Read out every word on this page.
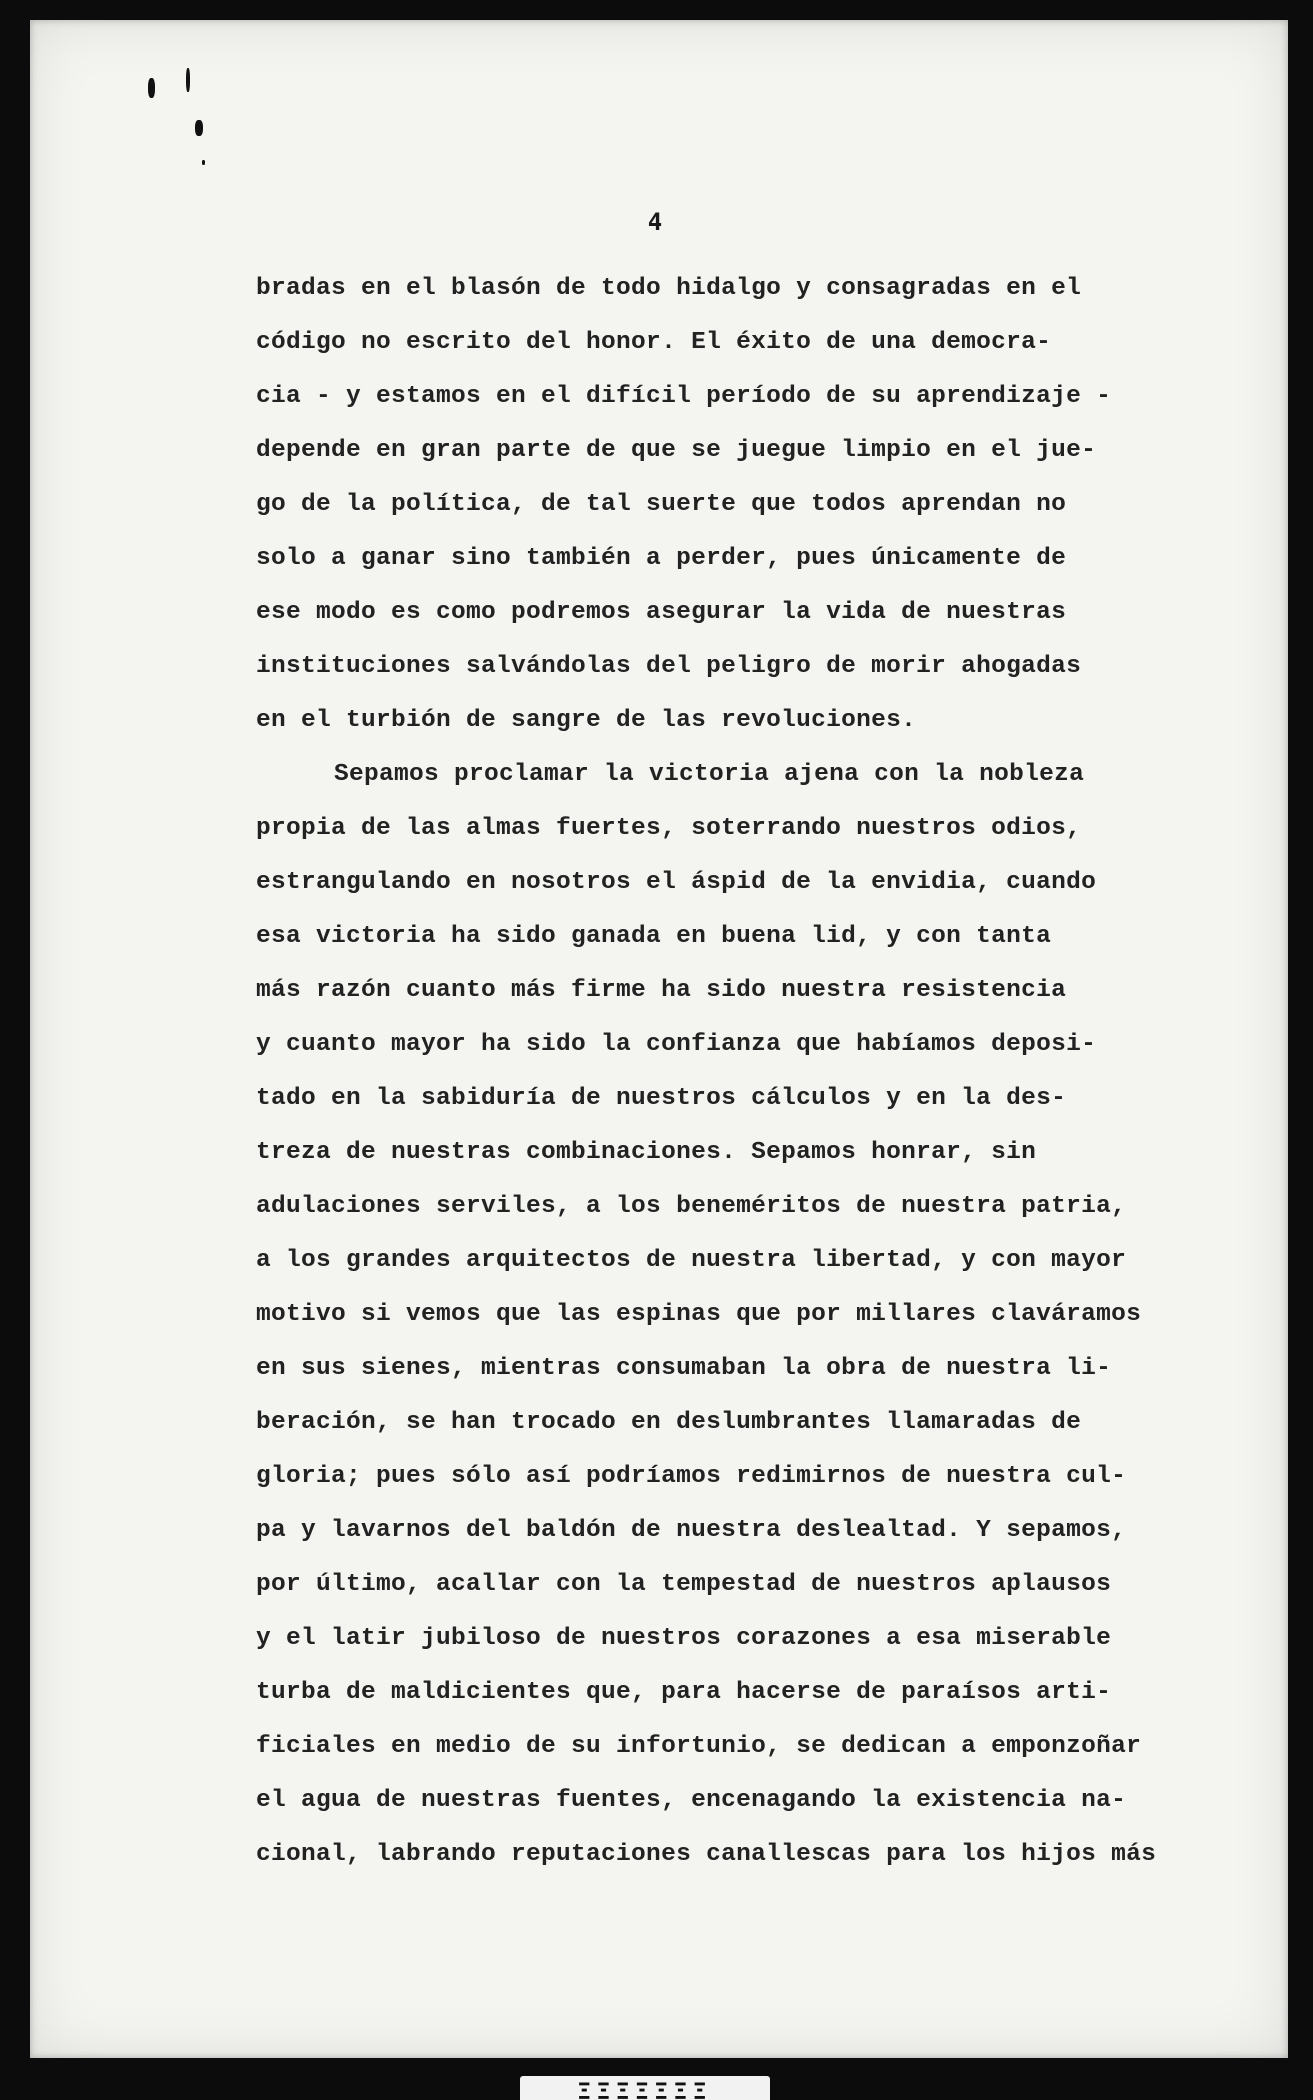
4
bradas en el blasón de todo hidalgo y consagradas en el
código no escrito del honor. El éxito de una democra-
cia - y estamos en el difícil período de su aprendizaje -
depende en gran parte de que se juegue limpio en el jue-
go de la política, de tal suerte que todos aprendan no
solo a ganar sino también a perder, pues únicamente de
ese modo es como podremos asegurar la vida de nuestras
instituciones salvándolas del peligro de morir ahogadas
en el turbión de sangre de las revoluciones.
Sepamos proclamar la victoria ajena con la nobleza
propia de las almas fuertes, soterrando nuestros odios,
estrangulando en nosotros el áspid de la envidia, cuando
esa victoria ha sido ganada en buena lid, y con tanta
más razón cuanto más firme ha sido nuestra resistencia
y cuanto mayor ha sido la confianza que habíamos deposi-
tado en la sabiduría de nuestros cálculos y en la des-
treza de nuestras combinaciones. Sepamos honrar, sin
adulaciones serviles, a los beneméritos de nuestra patria,
a los grandes arquitectos de nuestra libertad, y con mayor
motivo si vemos que las espinas que por millares claváramos
en sus sienes, mientras consumaban la obra de nuestra li-
beración, se han trocado en deslumbrantes llamaradas de
gloria; pues sólo así podríamos redimirnos de nuestra cul-
pa y lavarnos del baldón de nuestra deslealtad. Y sepamos,
por último, acallar con la tempestad de nuestros aplausos
y el latir jubiloso de nuestros corazones a esa miserable
turba de maldicientes que, para hacerse de paraísos arti-
ficiales en medio de su infortunio, se dedican a emponzoñar
el agua de nuestras fuentes, encenagando la existencia na-
cional, labrando reputaciones canallescas para los hijos más
ΞΞΞΞΞΞΞ
